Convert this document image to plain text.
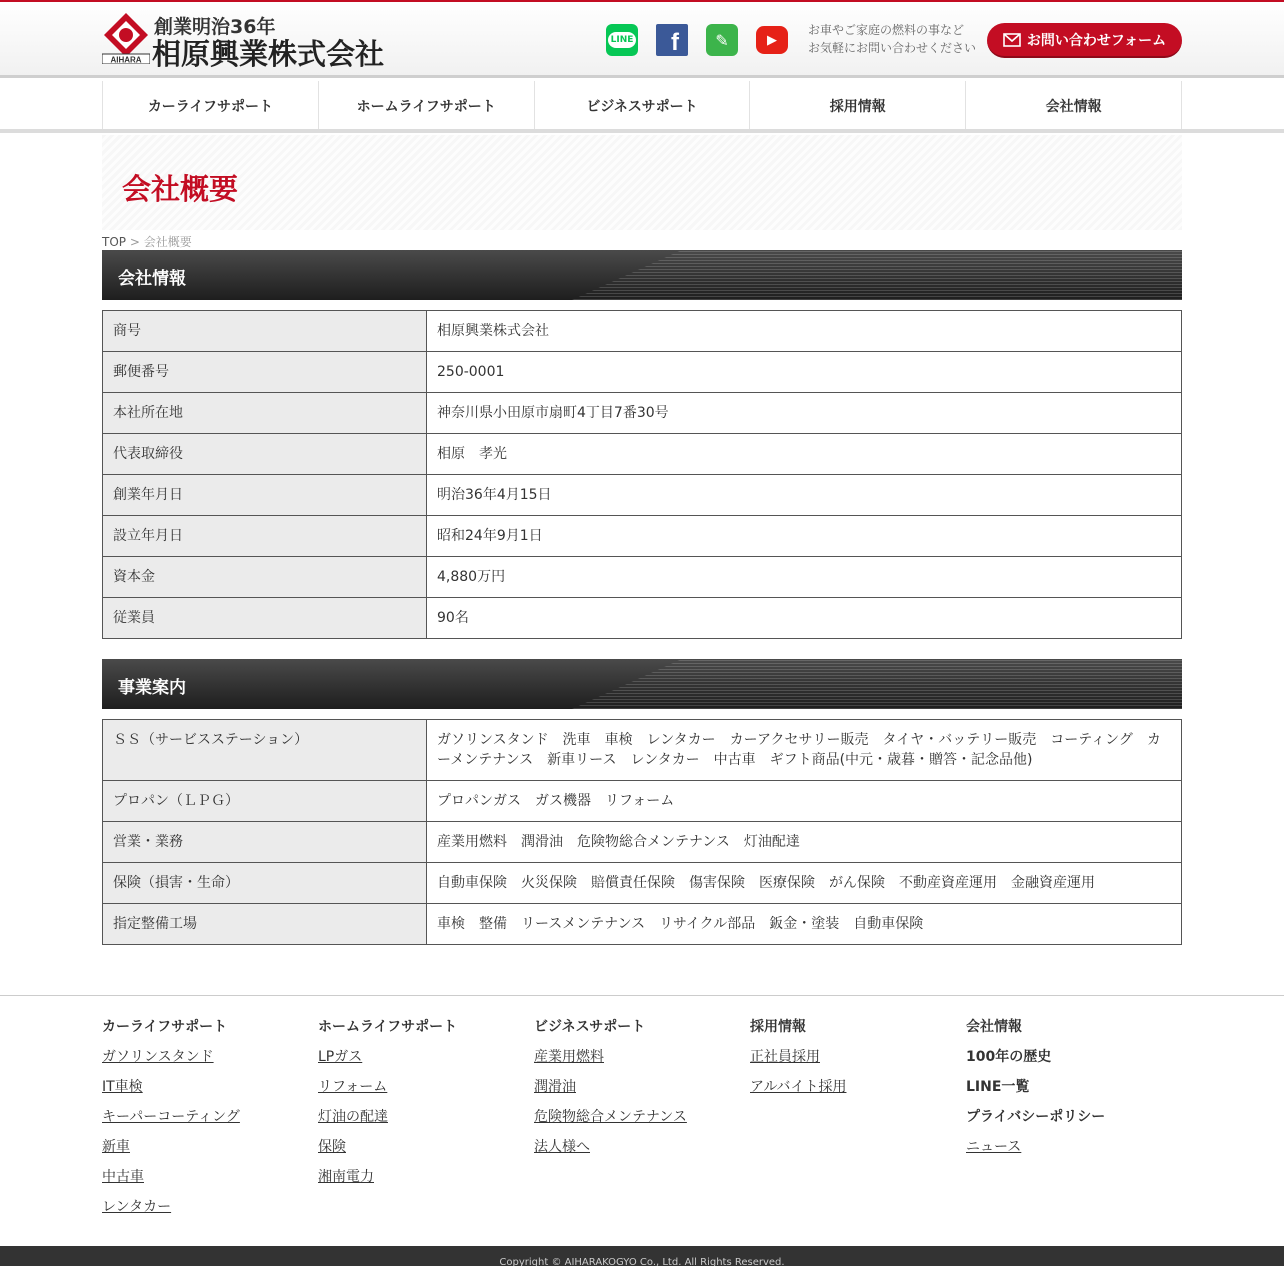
AIHARA
創業明治36年
相原興業株式会社	LINE f ✎	▶
お車やご家庭の燃料の事など
お気軽にお問い合わせください	お問い合わせフォーム
カーライフサポート	ホームライフサポート	ビジネスサポート	採用情報	会社情報
会社概要
TOP > 会社概要
会社情報
商号	相原興業株式会社
郵便番号	250-0001
本社所在地	神奈川県小田原市扇町4丁目7番30号
代表取締役	相原　孝光
創業年月日	明治36年4月15日
設立年月日	昭和24年9月1日
資本金	4,880万円
従業員	90名
事業案内
ＳＳ（サービスステーション）	ガソリンスタンド　洗車　車検　レンタカー　カーアクセサリー販売　タイヤ・バッテリー販売　コーティング　カーメンテナンス　新車リース　レンタカー　中古車　ギフト商品(中元・歳暮・贈答・記念品他)
プロパン（ＬＰＧ）	プロパンガス　ガス機器　リフォーム
営業・業務	産業用燃料　潤滑油　危険物総合メンテナンス　灯油配達
保険（損害・生命）	自動車保険　火災保険　賠償責任保険　傷害保険　医療保険　がん保険　不動産資産運用　金融資産運用
指定整備工場	車検　整備　リースメンテナンス　リサイクル部品　鈑金・塗装　自動車保険
カーライフサポート
ガソリンスタンド
IT車検
キーパーコーティング
新車
中古車
レンタカー
ホームライフサポート
LPガス
リフォーム
灯油の配達
保険
湘南電力
ビジネスサポート
産業用燃料
潤滑油
危険物総合メンテナンス
法人様へ
採用情報
正社員採用
アルバイト採用
会社情報
100年の歴史
LINE一覧
プライバシーポリシー
ニュース
Copyright © AIHARAKOGYO Co., Ltd. All Rights Reserved.
